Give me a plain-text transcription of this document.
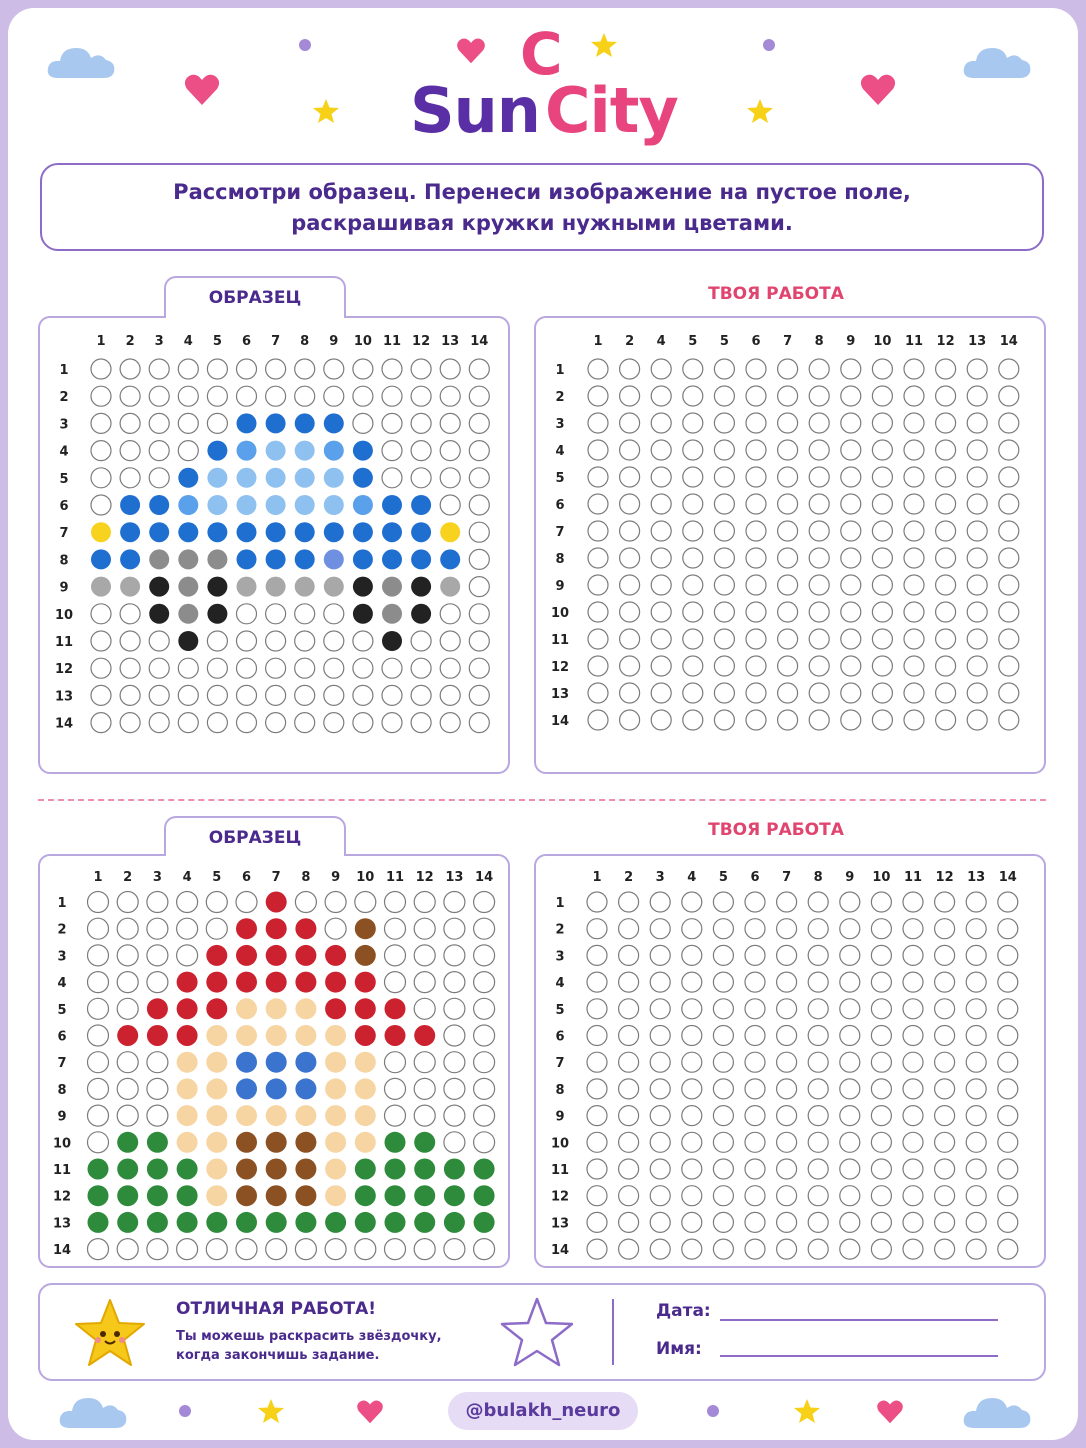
C
Sun City
Рассмотри образец. Перенеси изображение на пустое поле,
раскрашивая кружки нужными цветами.
ОБРАЗЕЦ	ТВОЯ РАБОТА
1 2 3 4 5 6 7 8 9 10 11 12 13 14
1
2
3
4
5
6
7
8
9
10
11
12
13
14
1 2 4 5 5 6 7 8 9 10 11 12 13 14
1
2
3
4
5
6
7
8
9
10
11
12
13
14
ОБРАЗЕЦ	ТВОЯ РАБОТА
1 2 3 4 5 6 7 8 9 10 11 12 13 14
1
2
3
4
5
6
7
8
9
10
11
12
13
14
1 2 3 4 5 6 7 8 9 10 11 12 13 14
1
2
3
4
5
6
7
8
9
10
11
12
13
14
ОТЛИЧНАЯ РАБОТА!
Ты можешь раскрасить звёздочку,
когда закончишь задание.
Дата:
Имя:
@bulakh_neuro
